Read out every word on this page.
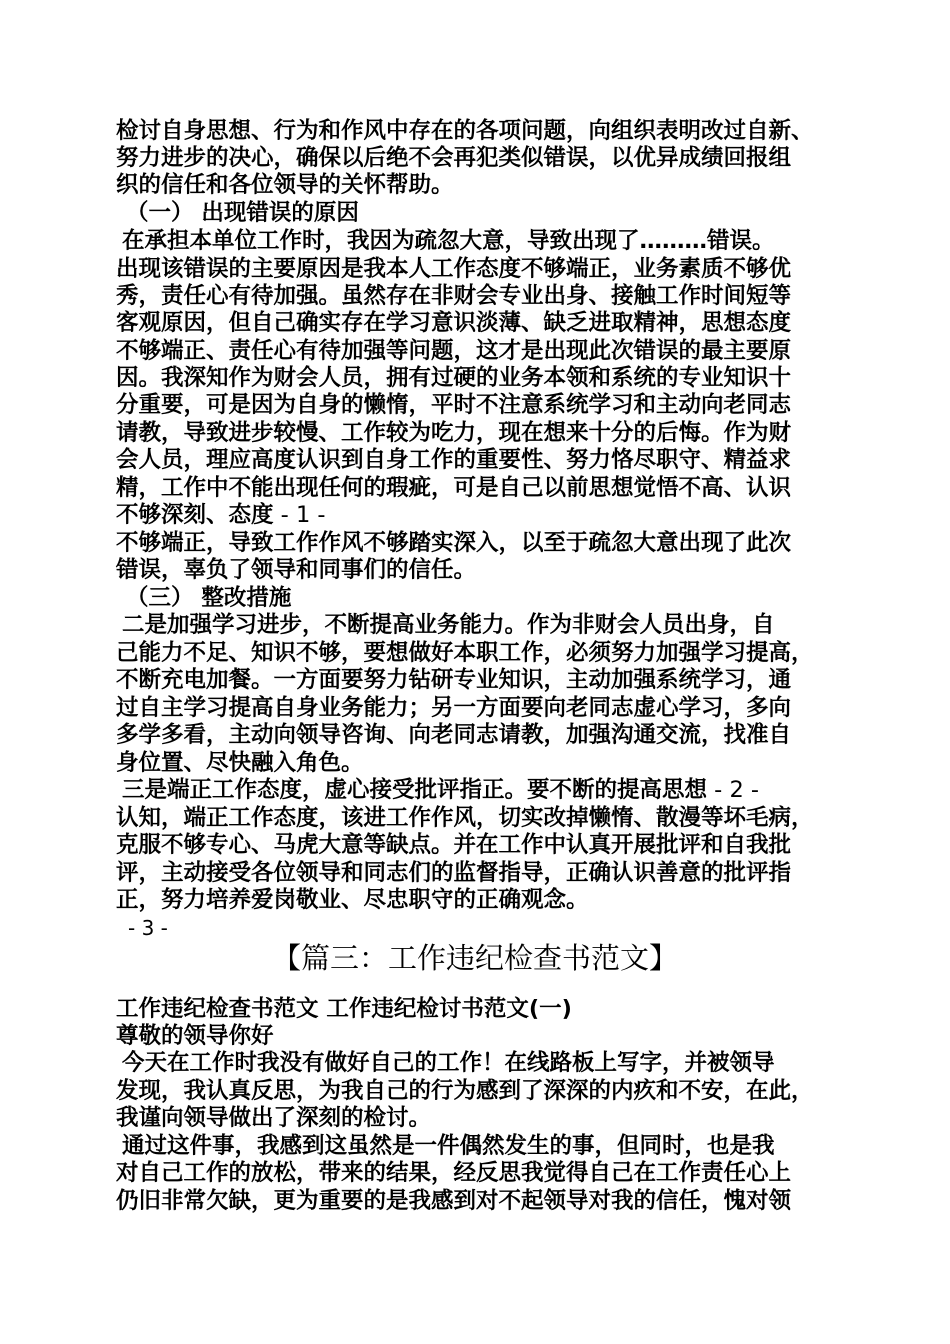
检讨自身思想、行为和作风中存在的各项问题，向组织表明改过自新、
努力进步的决心，确保以后绝不会再犯类似错误，以优异成绩回报组
织的信任和各位领导的关怀帮助。
（一） 出现错误的原因
在承担本单位工作时，我因为疏忽大意，导致出现了………错误。
出现该错误的主要原因是我本人工作态度不够端正，业务素质不够优
秀，责任心有待加强。虽然存在非财会专业出身、接触工作时间短等
客观原因，但自己确实存在学习意识淡薄、缺乏进取精神，思想态度
不够端正、责任心有待加强等问题，这才是出现此次错误的最主要原
因。我深知作为财会人员，拥有过硬的业务本领和系统的专业知识十
分重要，可是因为自身的懒惰，平时不注意系统学习和主动向老同志
请教，导致进步较慢、工作较为吃力，现在想来十分的后悔。作为财
会人员，理应高度认识到自身工作的重要性、努力恪尽职守、精益求
精，工作中不能出现任何的瑕疵，可是自己以前思想觉悟不高、认识
不够深刻、态度 - 1 -
不够端正，导致工作作风不够踏实深入，以至于疏忽大意出现了此次
错误，辜负了领导和同事们的信任。
（三） 整改措施
二是加强学习进步，不断提高业务能力。作为非财会人员出身，自
己能力不足、知识不够，要想做好本职工作，必须努力加强学习提高，
不断充电加餐。一方面要努力钻研专业知识，主动加强系统学习，通
过自主学习提高自身业务能力；另一方面要向老同志虚心学习，多向
多学多看，主动向领导咨询、向老同志请教，加强沟通交流，找准自
身位置、尽快融入角色。
三是端正工作态度，虚心接受批评指正。要不断的提高思想 - 2 -
认知，端正工作态度，该进工作作风，切实改掉懒惰、散漫等坏毛病，
克服不够专心、马虎大意等缺点。并在工作中认真开展批评和自我批
评，主动接受各位领导和同志们的监督指导，正确认识善意的批评指
正，努力培养爱岗敬业、尽忠职守的正确观念。
- 3 -
【篇三：工作违纪检查书范文】
工作违纪检查书范文 工作违纪检讨书范文(一)
尊敬的领导你好
今天在工作时我没有做好自己的工作！在线路板上写字，并被领导
发现，我认真反思，为我自己的行为感到了深深的内疚和不安，在此，
我谨向领导做出了深刻的检讨。
通过这件事，我感到这虽然是一件偶然发生的事，但同时，也是我
对自己工作的放松，带来的结果，经反思我觉得自己在工作责任心上
仍旧非常欠缺，更为重要的是我感到对不起领导对我的信任，愧对领
